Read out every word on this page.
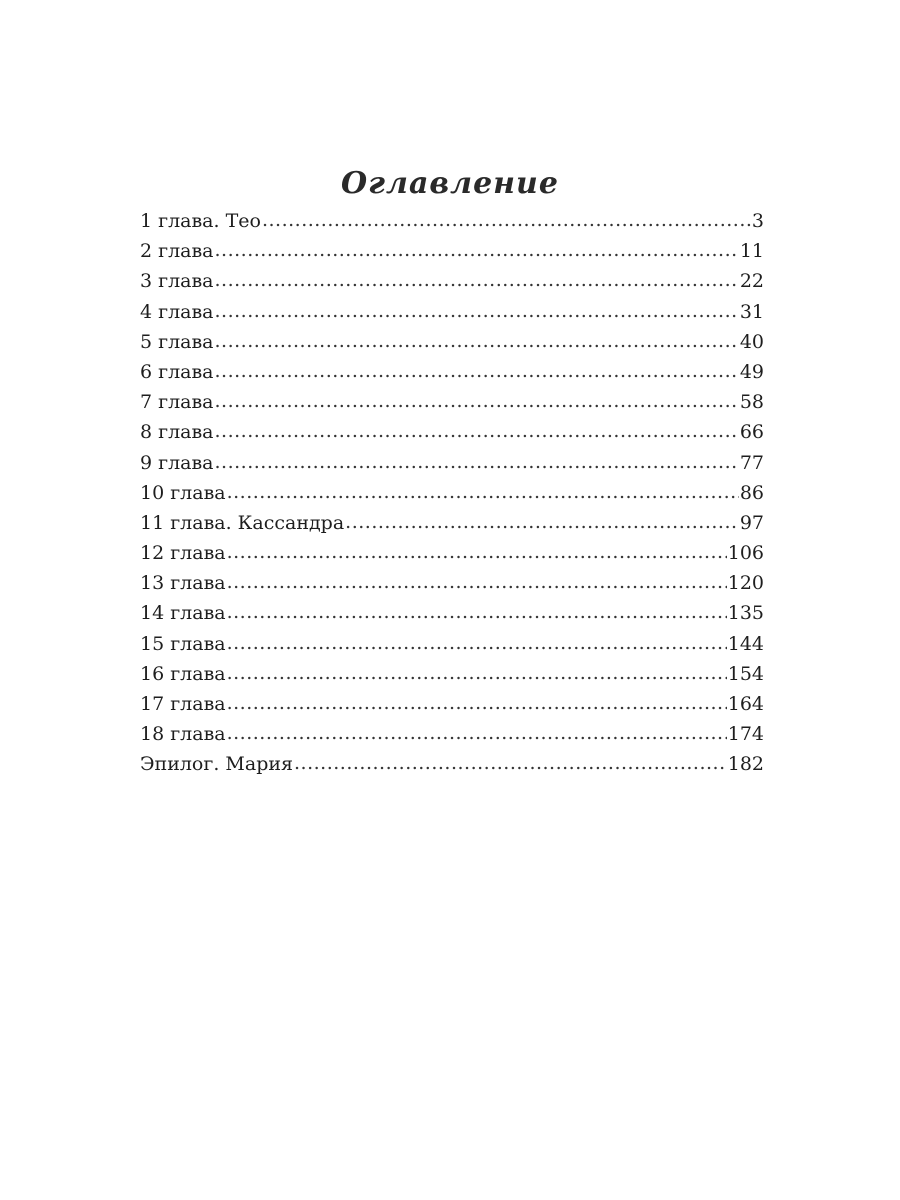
Оглавление
1 глава. Тео .....	3
2 глава .....	11
3 глава .....	22
4 глава .....	31
5 глава .....	40
6 глава .....	49
7 глава .....	58
8 глава .....	66
9 глава .....	77
10 глава .....	86
11 глава. Кассандра .....	97
12 глава .....	106
13 глава .....	120
14 глава .....	135
15 глава .....	144
16 глава .....	154
17 глава .....	164
18 глава .....	174
Эпилог. Мария .....	182
